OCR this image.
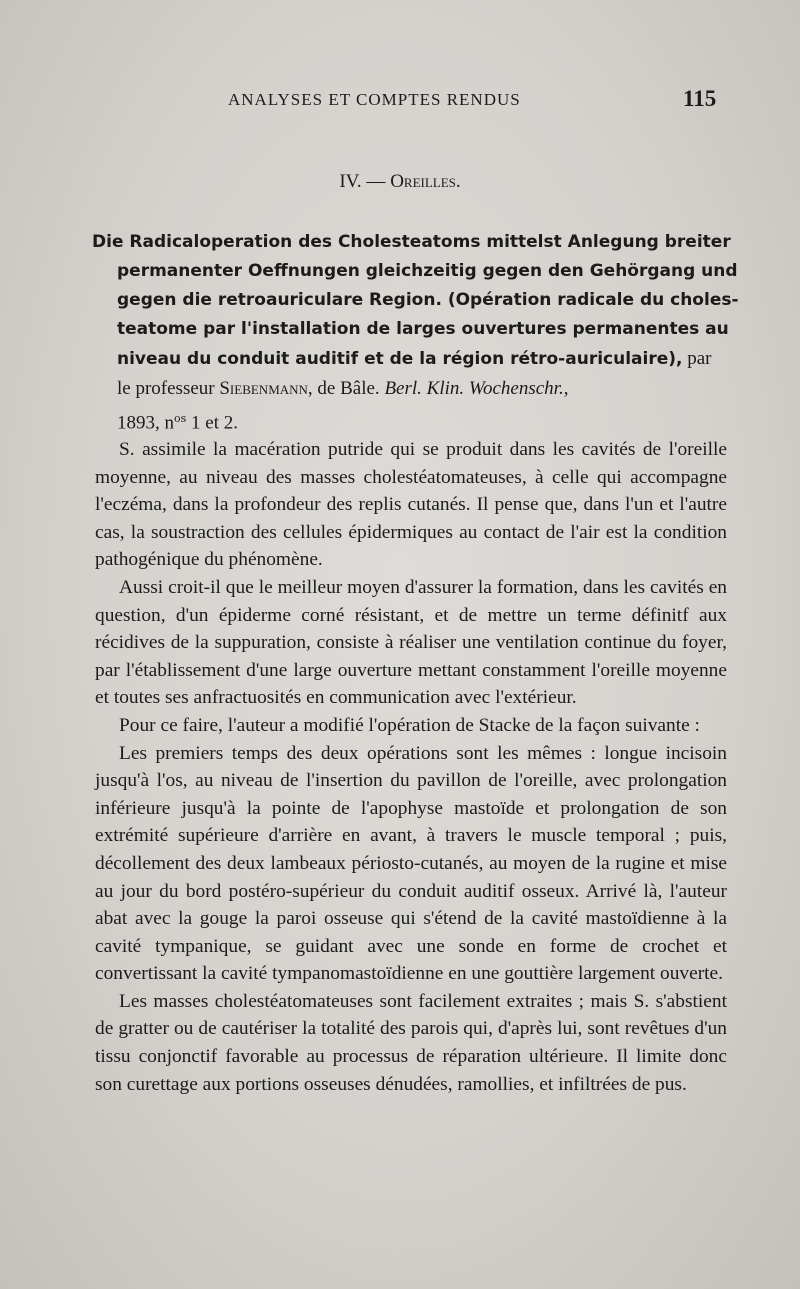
ANALYSES ET COMPTES RENDUS	115
IV. — Oreilles.
Die Radicaloperation des Cholesteatoms mittelst Anlegung breiter
permanenter Oeffnungen gleichzeitig gegen den Gehörgang und
gegen die retroauriculare Region. (Opération radicale du choles-
teatome par l'installation de larges ouvertures permanentes au
niveau du conduit auditif et de la région rétro-auriculaire), par
le professeur Siebenmann, de Bâle. Berl. Klin. Wochenschr.,
1893, $n^{os}$ 1 et 2.

S. assimile la macération putride qui se produit dans les cavités de l'oreille moyenne, au niveau des masses cholestéatomateuses, à celle qui accompagne l'eczéma, dans la profondeur des replis cutanés. Il pense que, dans l'un et l'autre cas, la soustraction des cellules épidermiques au contact de l'air est la condition pathogénique du phénomène.

Aussi croit-il que le meilleur moyen d'assurer la formation, dans les cavités en question, d'un épiderme corné résistant, et de mettre un terme définitf aux récidives de la suppuration, consiste à réaliser une ventilation continue du foyer, par l'établissement d'une large ouverture mettant constamment l'oreille moyenne et toutes ses anfractuosités en communication avec l'extérieur.

Pour ce faire, l'auteur a modifié l'opération de Stacke de la façon suivante :

Les premiers temps des deux opérations sont les mêmes : longue incisoin jusqu'à l'os, au niveau de l'insertion du pavillon de l'oreille, avec prolongation inférieure jusqu'à la pointe de l'apophyse mastoïde et prolongation de son extrémité supérieure d'arrière en avant, à travers le muscle temporal ; puis, décollement des deux lambeaux périosto-cutanés, au moyen de la rugine et mise au jour du bord postéro-supérieur du conduit auditif osseux. Arrivé là, l'auteur abat avec la gouge la paroi osseuse qui s'étend de la cavité mastoïdienne à la cavité tympanique, se guidant avec une sonde en forme de crochet et convertissant la cavité tympanomastoïdienne en une gouttière largement ouverte.

Les masses cholestéatomateuses sont facilement extraites ; mais S. s'abstient de gratter ou de cautériser la totalité des parois qui, d'après lui, sont revêtues d'un tissu conjonctif favorable au processus de réparation ultérieure. Il limite donc son curettage aux portions osseuses dénudées, ramollies, et infiltrées de pus.
